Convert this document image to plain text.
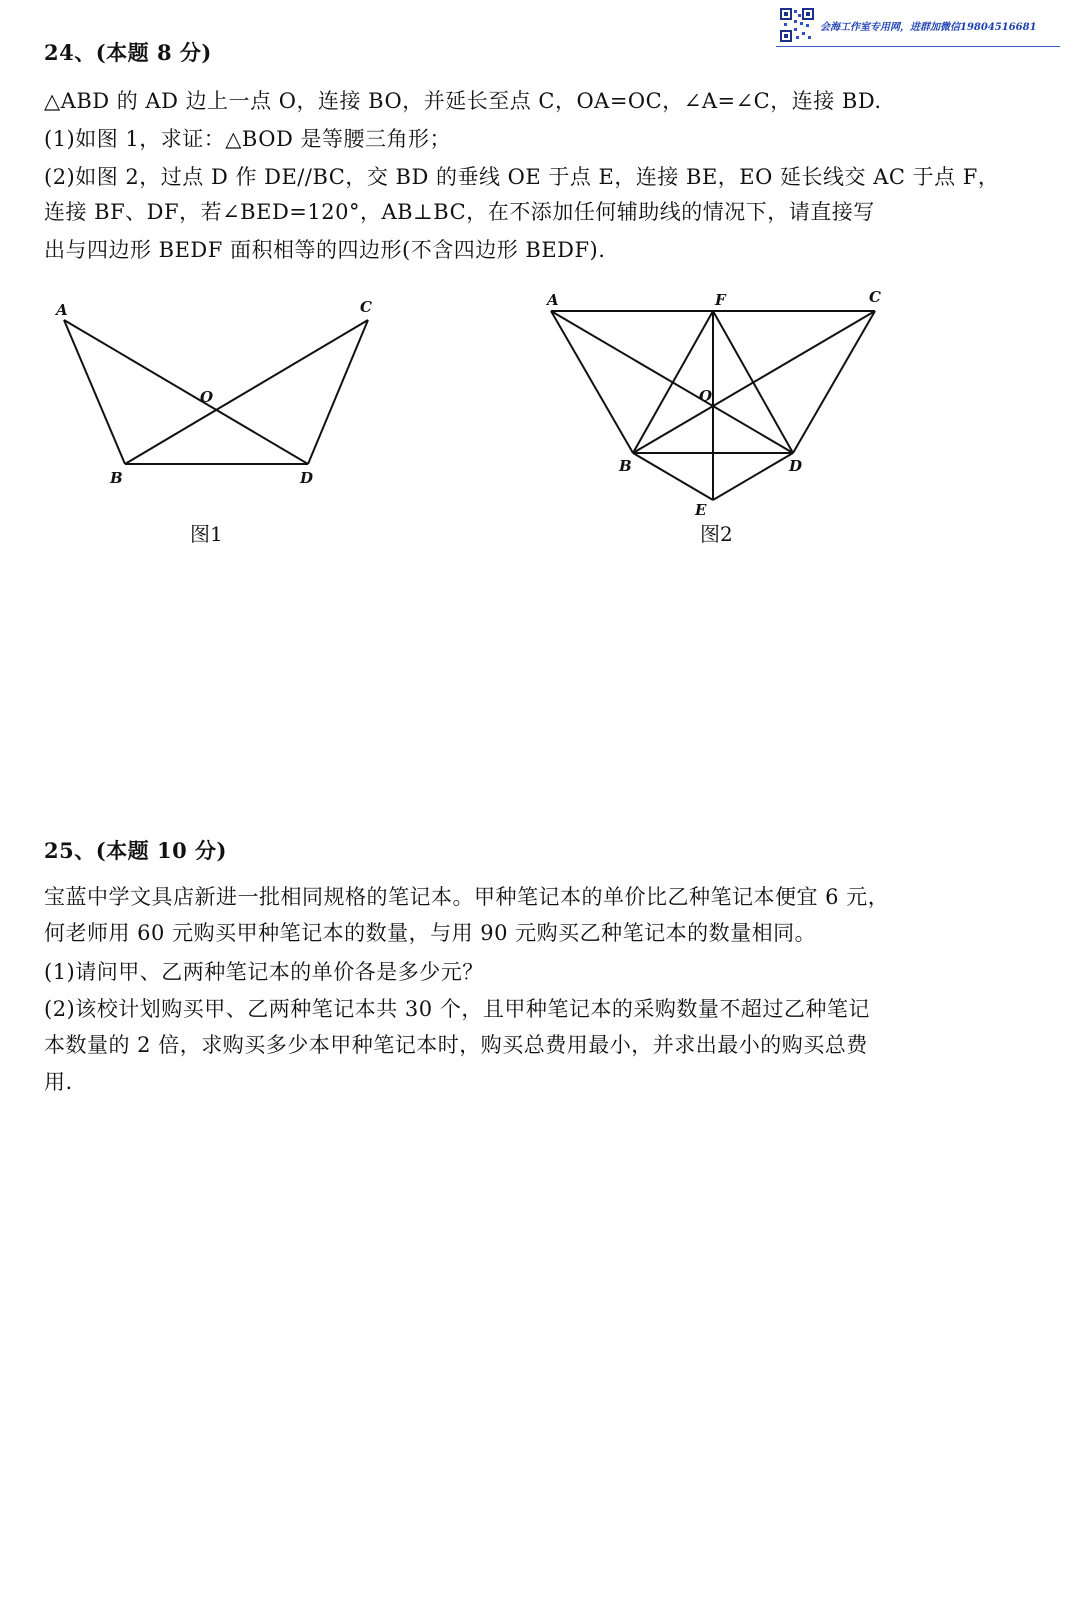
会海工作室专用网，进群加微信19804516681
24、(本题 8 分)
△ABD 的 AD 边上一点 O，连接 BO，并延长至点 C，OA=OC，∠A=∠C，连接 BD.
(1)如图 1，求证：△BOD 是等腰三角形；
(2)如图 2，过点 D 作 DE//BC，交 BD 的垂线 OE 于点 E，连接 BE，EO 延长线交 AC 于点 F，
连接 BF、DF，若∠BED=120°，AB⊥BC，在不添加任何辅助线的情况下，请直接写
出与四边形 BEDF 面积相等的四边形(不含四边形 BEDF).
A	C
O
B	D
图1
A	F	C
O
B	D
E
图2
25、(本题 10 分)
宝蓝中学文具店新进一批相同规格的笔记本。甲种笔记本的单价比乙种笔记本便宜 6 元，
何老师用 60 元购买甲种笔记本的数量，与用 90 元购买乙种笔记本的数量相同。
(1)请问甲、乙两种笔记本的单价各是多少元？
(2)该校计划购买甲、乙两种笔记本共 30 个，且甲种笔记本的采购数量不超过乙种笔记
本数量的 2 倍，求购买多少本甲种笔记本时，购买总费用最小，并求出最小的购买总费
用.
